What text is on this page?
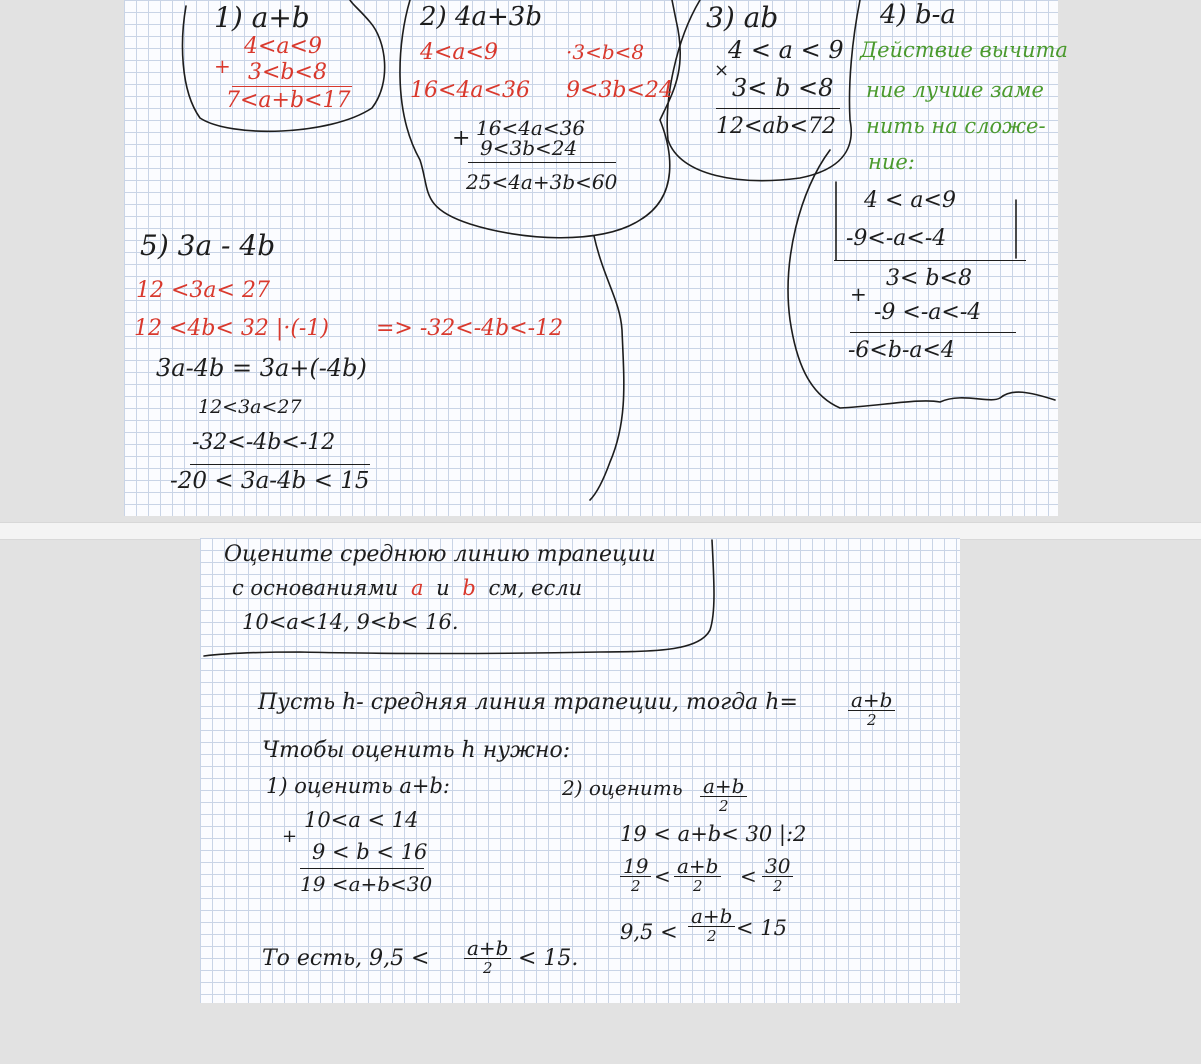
1) a+b
4<a<9
+ 3<b<8
7<a+b<17
2) 4a+3b
4<a<9	·3<b<8
16<4a<36 9<3b<24
+ 16<4a<36
9<3b<24
25<4a+3b<60
3) ab
4 < a < 9
×
3< b <8
12<ab<72
4) b-a
Действие вычита
ние лучше заме
нить на сложе-
ние:
4 < a<9
-9<-a<-4
3< b<8
+
-9 <-a<-4
-6<b-a<4
5) 3a - 4b
12 <3a< 27
12 <4b< 32 |·(-1) => -32<-4b<-12
3a-4b = 3a+(-4b)
12<3a<27
-32<-4b<-12
-20 < 3a-4b < 15
Оцените среднюю линию трапеции
с основаниями a и b см, если
10<a<14, 9<b< 16.
Пусть h- средняя линия трапеции, тогда h=	a+b
2
Чтобы оценить h нужно:
1) оценить a+b:	2) оценить a+b
2
10<a < 14
+
9 < b < 16
19 <a+b<30
19 < a+b< 30 |:2
19
2 < a+b
2 < 30
2
9,5 <
a+b
2 < 15
То есть, 9,5 < a+b
2 < 15.
